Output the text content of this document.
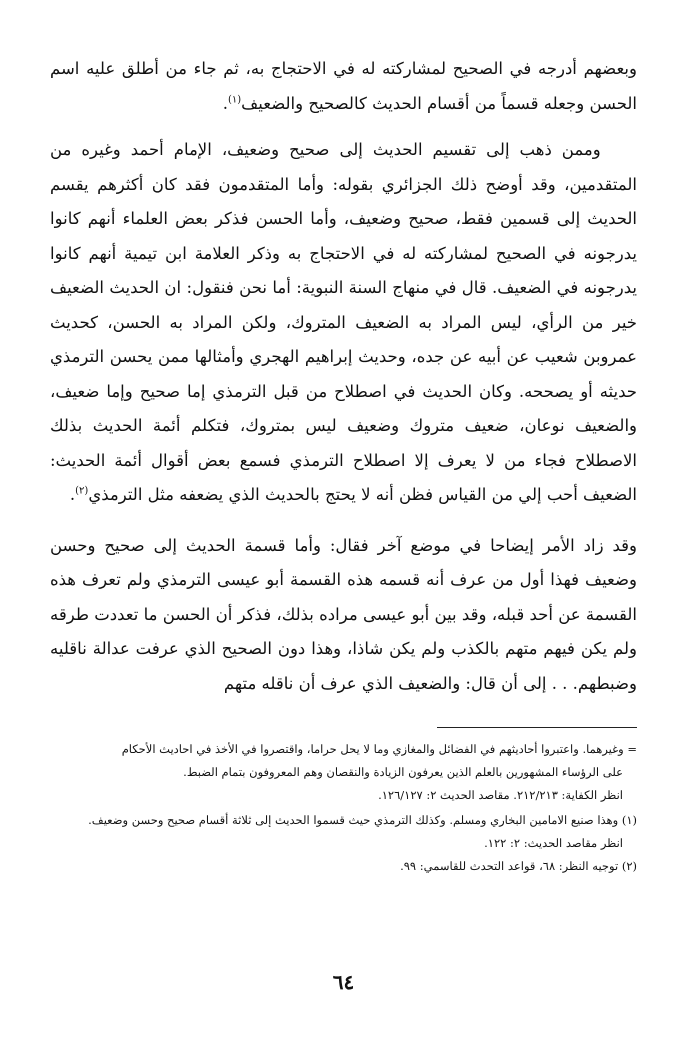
وبعضهم أدرجه في الصحيح لمشاركته له في الاحتجاج به، ثم جاء من أطلق عليه اسم الحسن وجعله قسماً من أقسام الحديث كالصحيح والضعيف$^{(١)}$.

وممن ذهب إلى تقسيم الحديث إلى صحيح وضعيف، الإمام أحمد وغيره من المتقدمين، وقد أوضح ذلك الجزائري بقوله: وأما المتقدمون فقد كان أكثرهم يقسم الحديث إلى قسمين فقط، صحيح وضعيف، وأما الحسن فذكر بعض العلماء أنهم كانوا يدرجونه في الصحيح لمشاركته له في الاحتجاج به وذكر العلامة ابن تيمية أنهم كانوا يدرجونه في الضعيف. قال في منهاج السنة النبوية: أما نحن فنقول: ان الحديث الضعيف خير من الرأي، ليس المراد به الضعيف المتروك، ولكن المراد به الحسن، كحديث عمروبن شعيب عن أبيه عن جده، وحديث إبراهيم الهجري وأمثالها ممن يحسن الترمذي حديثه أو يصححه. وكان الحديث في اصطلاح من قبل الترمذي إما صحيح وإما ضعيف، والضعيف نوعان، ضعيف متروك وضعيف ليس بمتروك، فتكلم أئمة الحديث بذلك الاصطلاح فجاء من لا يعرف إلا اصطلاح الترمذي فسمع بعض أقوال أئمة الحديث: الضعيف أحب إلي من القياس فظن أنه لا يحتج بالحديث الذي يضعفه مثل الترمذي$^{(٢)}$.

وقد زاد الأمر إيضاحا في موضع آخر فقال: وأما قسمة الحديث إلى صحيح وحسن وضعيف فهذا أول من عرف أنه قسمه هذه القسمة أبو عيسى الترمذي ولم تعرف هذه القسمة عن أحد قبله، وقد بين أبو عيسى مراده بذلك، فذكر أن الحسن ما تعددت طرقه ولم يكن فيهم متهم بالكذب ولم يكن شاذا، وهذا دون الصحيح الذي عرفت عدالة ناقليه وضبطهم. . . إلى أن قال: والضعيف الذي عرف أن ناقله متهم

= وغيرهما. واعتبروا أحاديثهم في الفضائل والمغازي وما لا يحل حراما، واقتصروا في الأخذ في احاديث الأحكام

على الرؤساء المشهورين بالعلم الذين يعرفون الزيادة والنقصان وهم المعروفون بتمام الضبط.

انظر الكفاية: ٢١٢/٢١٣. مقاصد الحديث ٢: ١٢٦/١٢٧.

(١) وهذا صنيع الامامين البخاري ومسلم. وكذلك الترمذي حيث قسموا الحديث إلى ثلاثة أقسام صحيح وحسن وضعيف.

انظر مقاصد الحديث: ٢: ١٢٢.

(٢) توجيه النظر: ٦٨، قواعد التحدث للقاسمي: ٩٩.

٦٤
